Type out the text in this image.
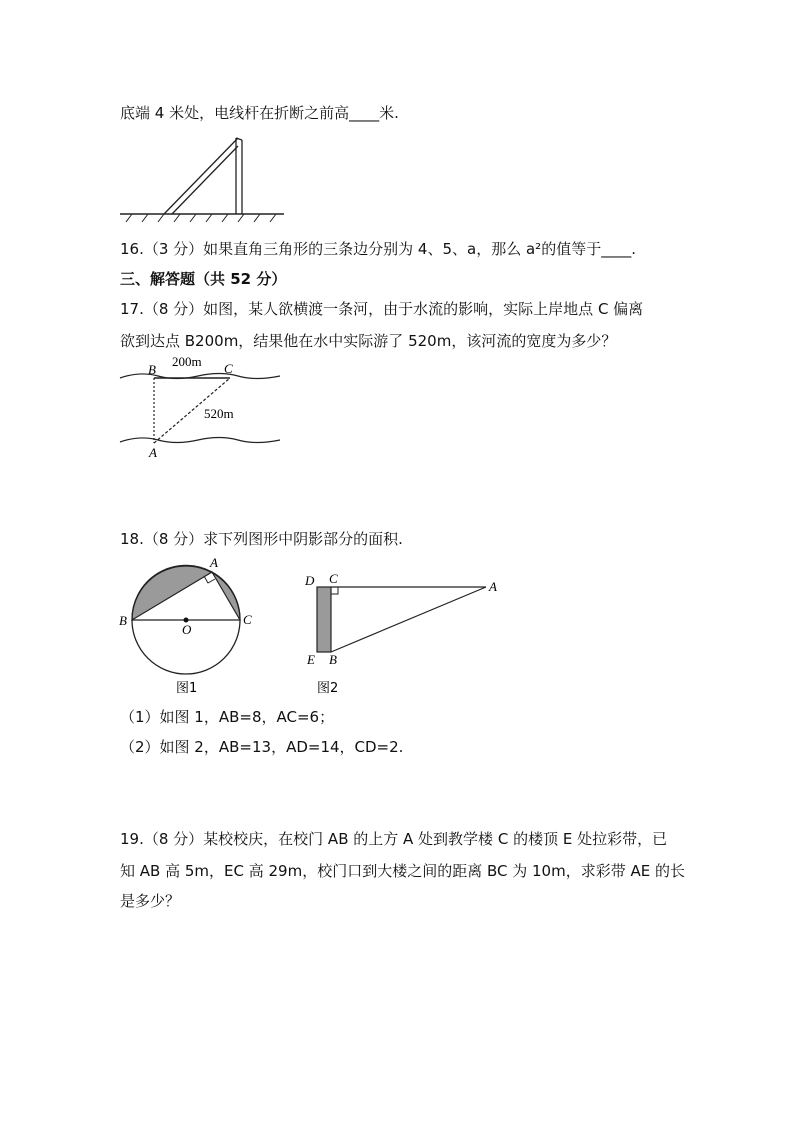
底端 4 米处，电线杆在折断之前高____米.
16.（3 分）如果直角三角形的三条边分别为 4、5、a，那么 a²的值等于____.
三、解答题（共 52 分）
17.（8 分）如图，某人欲横渡一条河，由于水流的影响，实际上岸地点 C 偏离
欲到达点 B200m，结果他在水中实际游了 520m，该河流的宽度为多少？
B	C
A
200m
520m
18.（8 分）求下列图形中阴影部分的面积.
A
B	C
O
图1
D C
A
E B
图2
（1）如图 1，AB=8，AC=6；
（2）如图 2，AB=13，AD=14，CD=2.
19.（8 分）某校校庆，在校门 AB 的上方 A 处到教学楼 C 的楼顶 E 处拉彩带，已
知 AB 高 5m，EC 高 29m，校门口到大楼之间的距离 BC 为 10m，求彩带 AE 的长
是多少？
